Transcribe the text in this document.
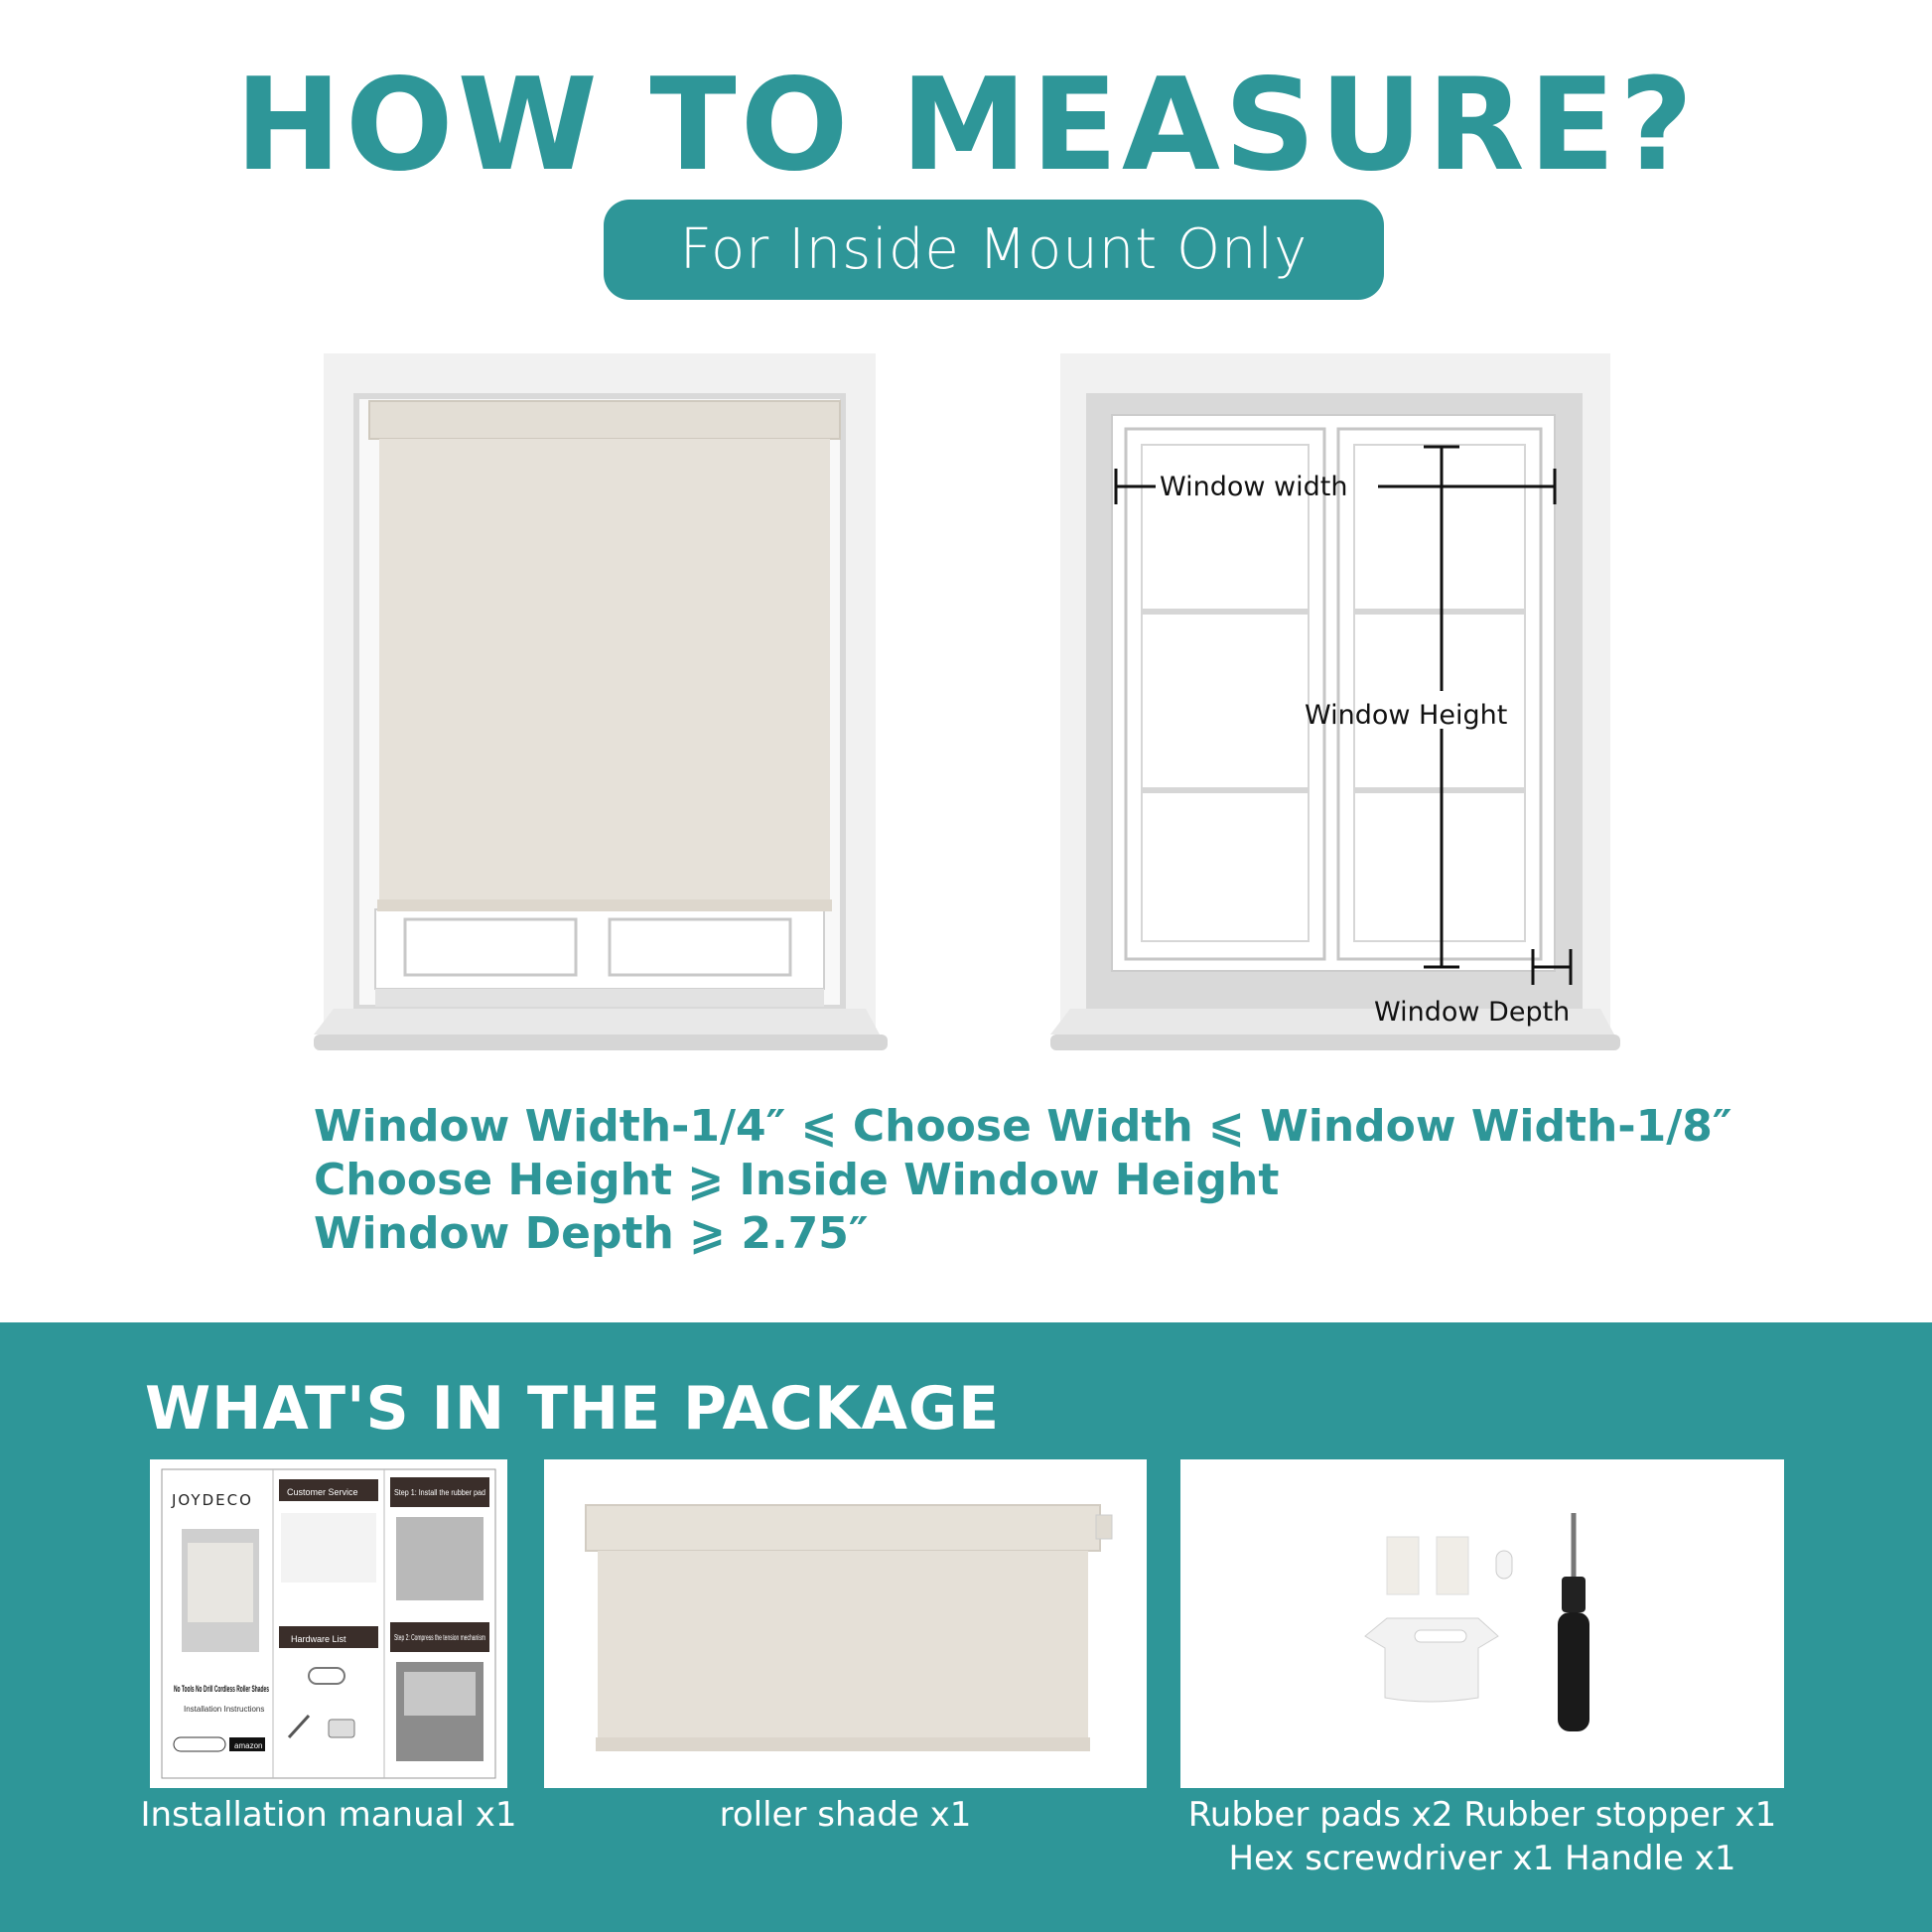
HOW TO MEASURE?
For Inside Mount Only
Window width
Window Height
Window Depth
Window Width-1/4″ ⩽ Choose Width ⩽ Window Width-1/8″
Choose Height ⩾ Inside Window Height
Window Depth ⩾ 2.75″
WHAT'S IN THE PACKAGE
JOYDECO
No Tools No Drill Cordless Roller Shades
Installation Instructions
amazon
Customer Service
Hardware List
Step 1: Install the rubber pad
Step 2: Compress the tension mechanism
Installation manual x1	roller shade x1	Rubber pads x2 Rubber stopper x1
Hex screwdriver x1 Handle x1
